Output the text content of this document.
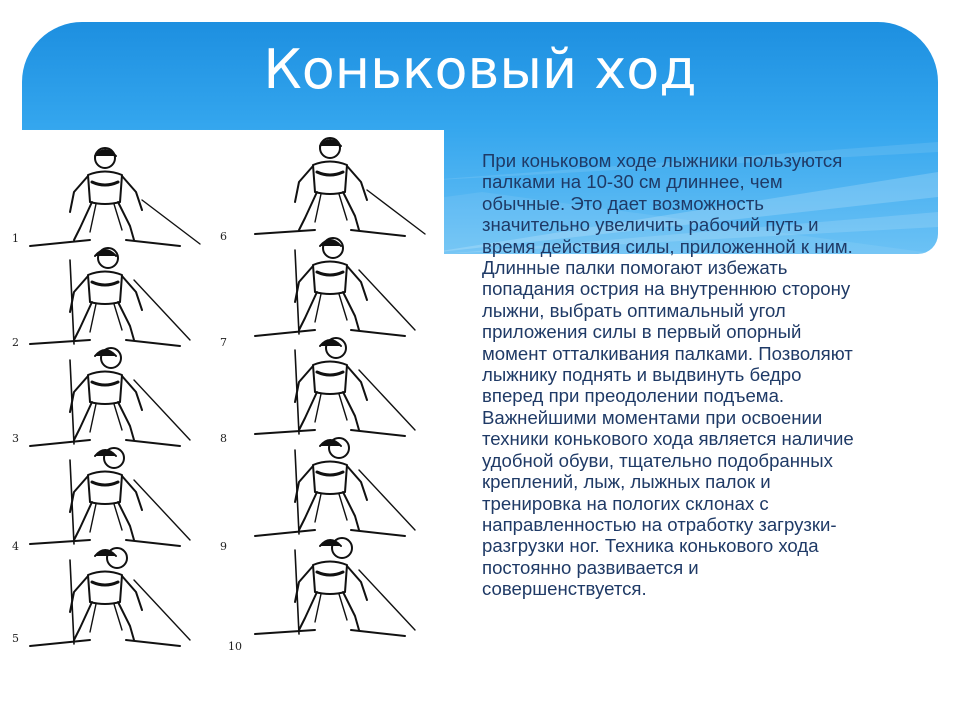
Коньковый ход
1
2
3
4
5
6
7
8
9
10
При коньковом ходе лыжники пользуются
палками на 10-30 см длиннее, чем
обычные. Это дает возможность
значительно увеличить рабочий путь и
время действия силы, приложенной к ним.
Длинные палки помогают избежать
попадания острия на внутреннюю сторону
лыжни, выбрать оптимальный угол
приложения силы в первый опорный
момент отталкивания палками. Позволяют
лыжнику поднять и выдвинуть бедро
вперед при преодолении подъема.
Важнейшими моментами при освоении
техники конькового хода является наличие
удобной обуви, тщательно подобранных
креплений, лыж, лыжных палок и
тренировка на пологих склонах с
направленностью на отработку загрузки-
разгрузки ног. Техника конькового хода
постоянно развивается и
совершенствуется.
